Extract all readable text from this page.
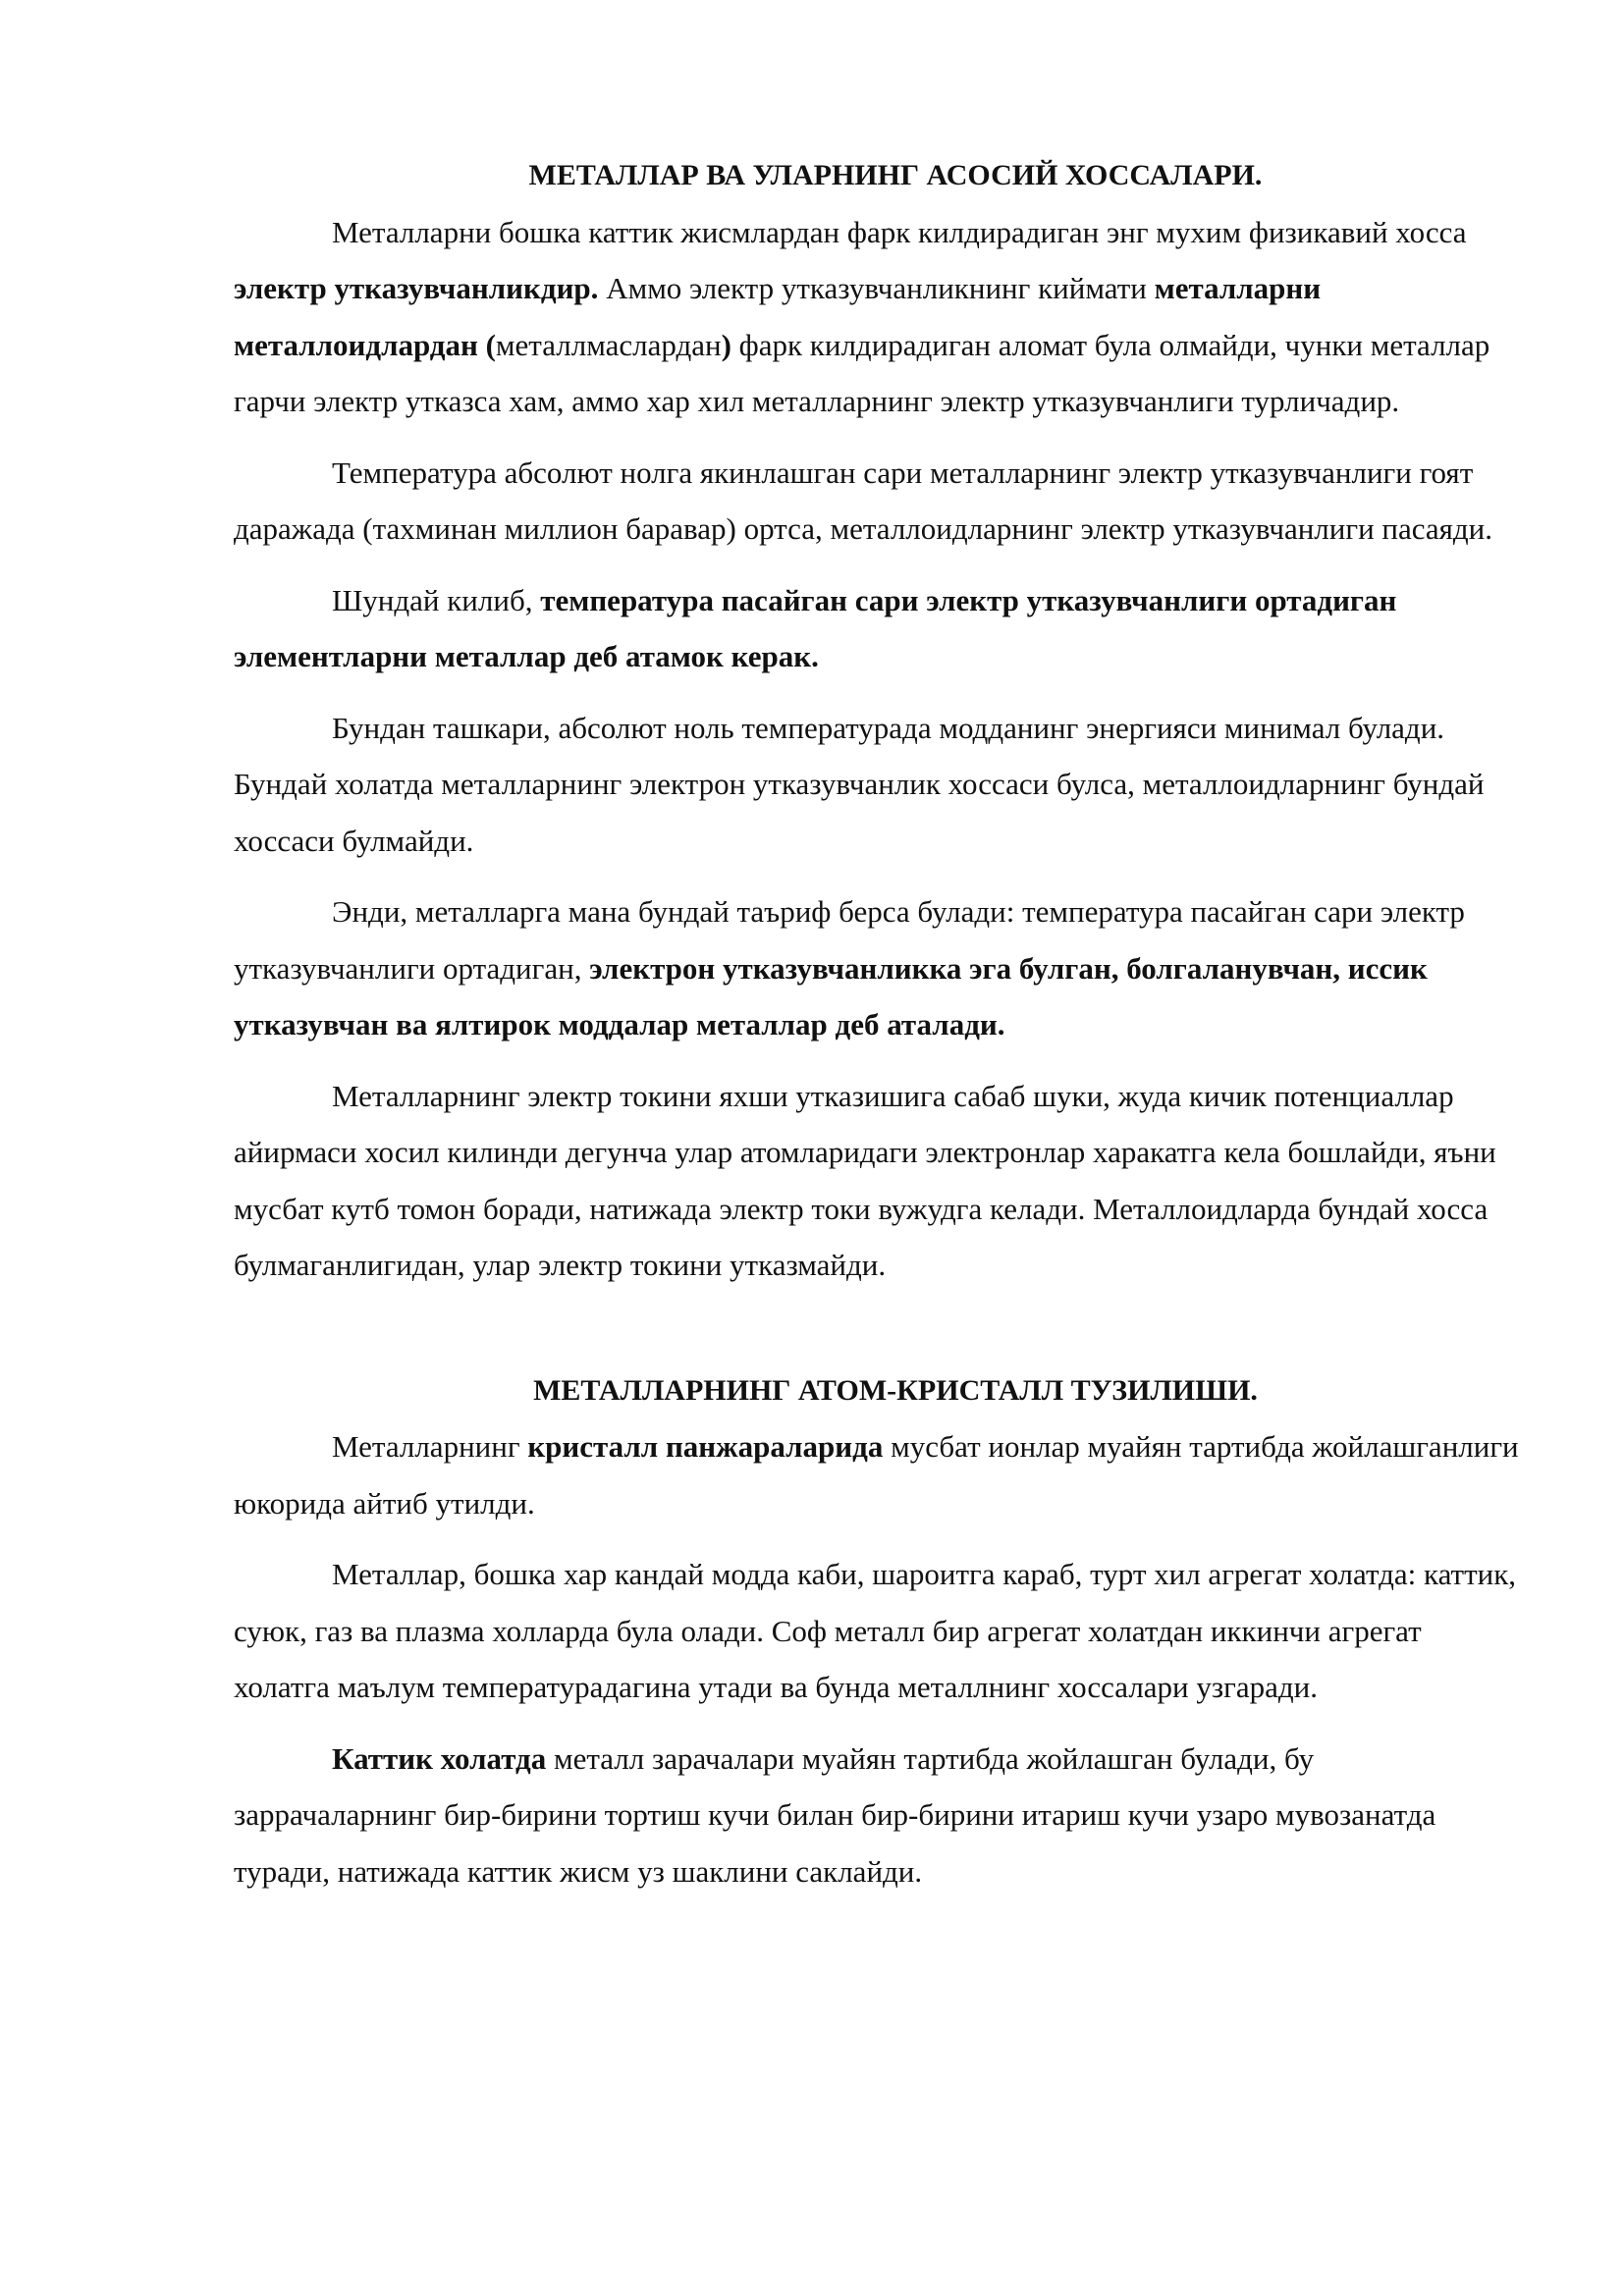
МЕТАЛЛАР ВА УЛАРНИНГ АСОСИЙ ХОССАЛАРИ.

Металларни бошка каттик жисмлардан фарк килдирадиган энг мухим физикавий хосса электр утказувчанликдир. Аммо электр утказувчанликнинг киймати металларни металлоидлардан (металлмаслардан) фарк килдирадиган аломат була олмайди, чунки металлар гарчи электр утказса хам, аммо хар хил металларнинг электр утказувчанлиги турличадир.

Температура абсолют нолга якинлашган сари металларнинг электр утказувчанлиги гоят даражада (тахминан миллион баравар) ортса, металлоидларнинг электр утказувчанлиги пасаяди.

Шундай килиб, температура пасайган сари электр утказувчанлиги ортадиган элементларни металлар деб атамок керак.

Бундан ташкари, абсолют ноль температурада модданинг энергияси минимал булади. Бундай холатда металларнинг электрон утказувчанлик хоссаси булса, металлоидларнинг бундай хоссаси булмайди.

Энди, металларга мана бундай таъриф берса булади: температура пасайган сари электр утказувчанлиги ортадиган, электрон утказувчанликка эга булган, болгаланувчан, иссик утказувчан ва ялтирок моддалар металлар деб аталади.

Металларнинг электр токини яхши утказишига сабаб шуки, жуда кичик потенциаллар айирмаси хосил килинди дегунча улар атомларидаги электронлар харакатга кела бошлайди, яъни мусбат кутб томон боради, натижада электр токи вужудга келади. Металлоидларда бундай хосса булмаганлигидан, улар электр токини утказмайди.

МЕТАЛЛАРНИНГ АТОМ-КРИСТАЛЛ ТУЗИЛИШИ.

Металларнинг кристалл панжараларида мусбат ионлар муайян тартибда жойлашганлиги юкорида айтиб утилди.

Металлар, бошка хар кандай модда каби, шароитга караб, турт хил агрегат холатда: каттик, суюк, газ ва плазма холларда була олади. Соф металл бир агрегат холатдан иккинчи агрегат холатга маълум температурадагина утади ва бунда металлнинг хоссалари узгаради.

Каттик холатда металл зарачалари муайян тартибда жойлашган булади, бу заррачаларнинг бир-бирини тортиш кучи билан бир-бирини итариш кучи узаро мувозанатда туради, натижада каттик жисм уз шаклини саклайди.
